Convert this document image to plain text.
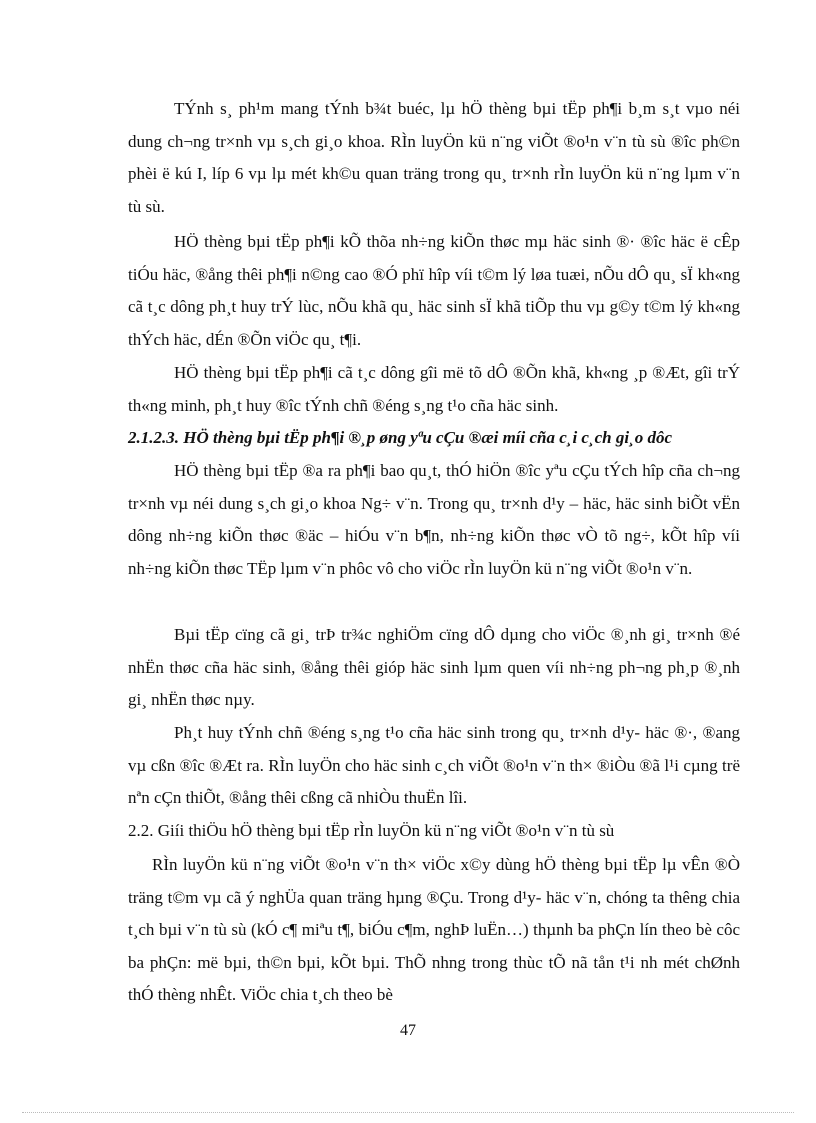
TÝnh s¸ ph¹m mang tÝnh b¾t buéc, lµ hÖ thèng bµi tËp ph¶i b¸m s¸t vµo néi dung ch¬ng tr×nh vµ s¸ch gi¸o khoa. RÌn luyÖn kü n¨ng viÕt ®o¹n v¨n tù sù ®îc ph©n phèi ë kú I, líp 6 vµ lµ mét kh©u quan träng trong qu¸ tr×nh rÌn luyÖn kü n¨ng lµm v¨n tù sù.

HÖ thèng bµi tËp ph¶i kÕ thõa nh÷ng kiÕn thøc mµ häc sinh ®· ®îc häc ë cÊp tiÓu häc, ®ång thêi ph¶i n©ng cao ®Ó phï hîp víi t©m lý løa tuæi, nÕu dÔ qu¸ sÏ kh«ng cã t¸c dông ph¸t huy trÝ lùc, nÕu khã qu¸ häc sinh sÏ khã tiÕp thu vµ g©y t©m lý kh«ng thÝch häc, dÉn ®Õn viÖc qu¸ t¶i.

HÖ thèng bµi tËp ph¶i cã t¸c dông gîi më tõ dÔ ®Õn khã, kh«ng ¸p ®Æt, gîi trÝ th«ng minh, ph¸t huy ®îc tÝnh chñ ®éng s¸ng t¹o cña häc sinh.

2.1.2.3. HÖ thèng bµi tËp ph¶i ®¸p øng yªu cÇu ®æi míi cña c¸i c¸ch gi¸o dôc

HÖ thèng bµi tËp ®a ra ph¶i bao qu¸t, thÓ hiÖn ®îc yªu cÇu tÝch hîp cña ch¬ng tr×nh vµ néi dung s¸ch gi¸o khoa Ng÷ v¨n. Trong qu¸ tr×nh d¹y – häc, häc sinh biÕt vËn dông nh÷ng kiÕn thøc ®äc – hiÓu v¨n b¶n, nh÷ng kiÕn thøc vÒ tõ ng÷, kÕt hîp víi nh÷ng kiÕn thøc TËp lµm v¨n phôc vô cho viÖc rÌn luyÖn kü n¨ng viÕt ®o¹n v¨n.

Bµi tËp cïng cã gi¸ trÞ tr¾c nghiÖm cïng dÔ dµng cho viÖc ®¸nh gi¸ tr×nh ®é nhËn thøc cña häc sinh, ®ång thêi gióp häc sinh lµm quen víi nh÷ng ph¬ng ph¸p ®¸nh gi¸ nhËn thøc nµy.

Ph¸t huy tÝnh chñ ®éng s¸ng t¹o cña häc sinh trong qu¸ tr×nh d¹y- häc ®·, ®ang vµ cßn ®îc ®Æt ra. RÌn luyÖn cho häc sinh c¸ch viÕt ®o¹n v¨n th× ®iÒu ®ã l¹i cµng trë nªn cÇn thiÕt, ®ång thêi cßng cã nhiÒu thuËn lîi.

2.2. Giíi thiÖu hÖ thèng bµi tËp rÌn luyÖn kü n¨ng viÕt ®o¹n v¨n tù sù

RÌn luyÖn kü n¨ng viÕt ®o¹n v¨n th× viÖc x©y dùng hÖ thèng bµi tËp lµ vÊn ®Ò träng t©m vµ cã ý nghÜa quan träng hµng ®Çu. Trong d¹y- häc v¨n, chóng ta thêng chia t¸ch bµi v¨n tù sù (kÓ c¶ miªu t¶, biÓu c¶m, nghÞ luËn…) thµnh ba phÇn lín theo bè côc ba phÇn: më bµi, th©n bµi, kÕt bµi. ThÕ nhng trong thùc tÕ nã tån t¹i nh mét chØnh thÓ thèng nhÊt. ViÖc chia t¸ch theo bè

47
